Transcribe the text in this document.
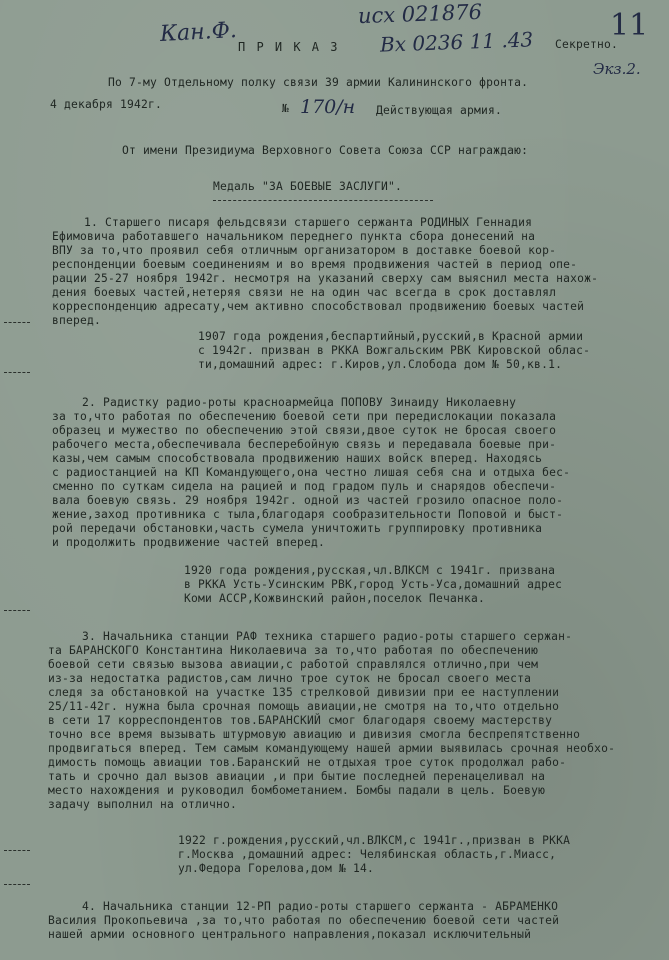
Кан.Ф.
исх 021876
Вх 0236 11 .43	11
Экз.2.
П Р И К А З	Секретно.
По 7-му Отдельному полку связи 39 армии Калининского фронта.
4 декабря 1942г.	№ 170/н Действующая армия.
От имени Президиума Верховного Совета Союза ССР награждаю:
Медаль "ЗА БОЕВЫЕ ЗАСЛУГИ".
1. Старшего писаря фельдсвязи старшего сержанта РОДИНЫХ Геннадия
Ефимовича работавшего начальником переднего пункта сбора донесений на
ВПУ за то,что проявил себя отличным организатором в доставке боевой кор-
респонденции боевым соединениям и во время продвижения частей в период опе-
рации 25-27 ноября 1942г. несмотря на указаний сверху сам выяснил места нахож-
дения боевых частей,нетеряя связи не на один час всегда в срок доставлял
корреспонденцию адресату,чем активно способствовал продвижению боевых частей
вперед.
1907 года рождения,беспартийный,русский,в Красной армии
с 1942г. призван в РККА Вожгальским РВК Кировской облас-
ти,домашний адрес: г.Киров,ул.Слобода дом № 50,кв.1.
2. Радистку радио-роты красноармейца ПОПОВУ Зинаиду Николаевну
за то,что работая по обеспечению боевой сети при передислокации показала
образец и мужество по обеспечению этой связи,двое суток не бросая своего
рабочего места,обеспечивала бесперебойную связь и передавала боевые при-
казы,чем самым способствовала продвижению наших войск вперед. Находясь
с радиостанцией на КП Командующего,она честно лишая себя сна и отдыха бес-
сменно по суткам сидела на рацией и под градом пуль и снарядов обеспечи-
вала боевую связь. 29 ноября 1942г. одной из частей грозило опасное поло-
жение,заход противника с тыла,благодаря сообразительности Поповой и быст-
рой передачи обстановки,часть сумела уничтожить группировку противника
и продолжить продвижение частей вперед.
1920 года рождения,русская,чл.ВЛКСМ с 1941г. призвана
в РККА Усть-Усинским РВК,город Усть-Уса,домашний адрес
Коми АССР,Кожвинский район,поселок Печанка.
3. Начальника станции РАФ техника старшего радио-роты старшего сержан-
та БАРАНСКОГО Константина Николаевича за то,что работая по обеспечению
боевой сети связью вызова авиации,с работой справлялся отлично,при чем
из-за недостатка радистов,сам лично трое суток не бросал своего места
следя за обстановкой на участке 135 стрелковой дивизии при ее наступлении
25/11-42г. нужна была срочная помощь авиации,не смотря на то,что отдельно
в сети 17 корреспондентов тов.БАРАНСКИЙ смог благодаря своему мастерству
точно все время вызывать штурмовую авиацию и дивизия смогла беспрепятственно
продвигаться вперед. Тем самым командующему нашей армии выявилась срочная необхо-
димость помощь авиации тов.Баранский не отдыхая трое суток продолжал рабо-
тать и срочно дал вызов авиации ,и при бытие последней перенацеливал на
место нахождения и руководил бомбометанием. Бомбы падали в цель. Боевую
задачу выполнил на отлично.
1922 г.рождения,русский,чл.ВЛКСМ,с 1941г.,призван в РККА
г.Москва ,домашний адрес: Челябинская область,г.Миасс,
ул.Федора Горелова,дом № 14.
4. Начальника станции 12-РП радио-роты старшего сержанта - АБРАМЕНКО
Василия Прокопьевича ,за то,что работая по обеспечению боевой сети частей
нашей армии основного центрального направления,показал исключительный
